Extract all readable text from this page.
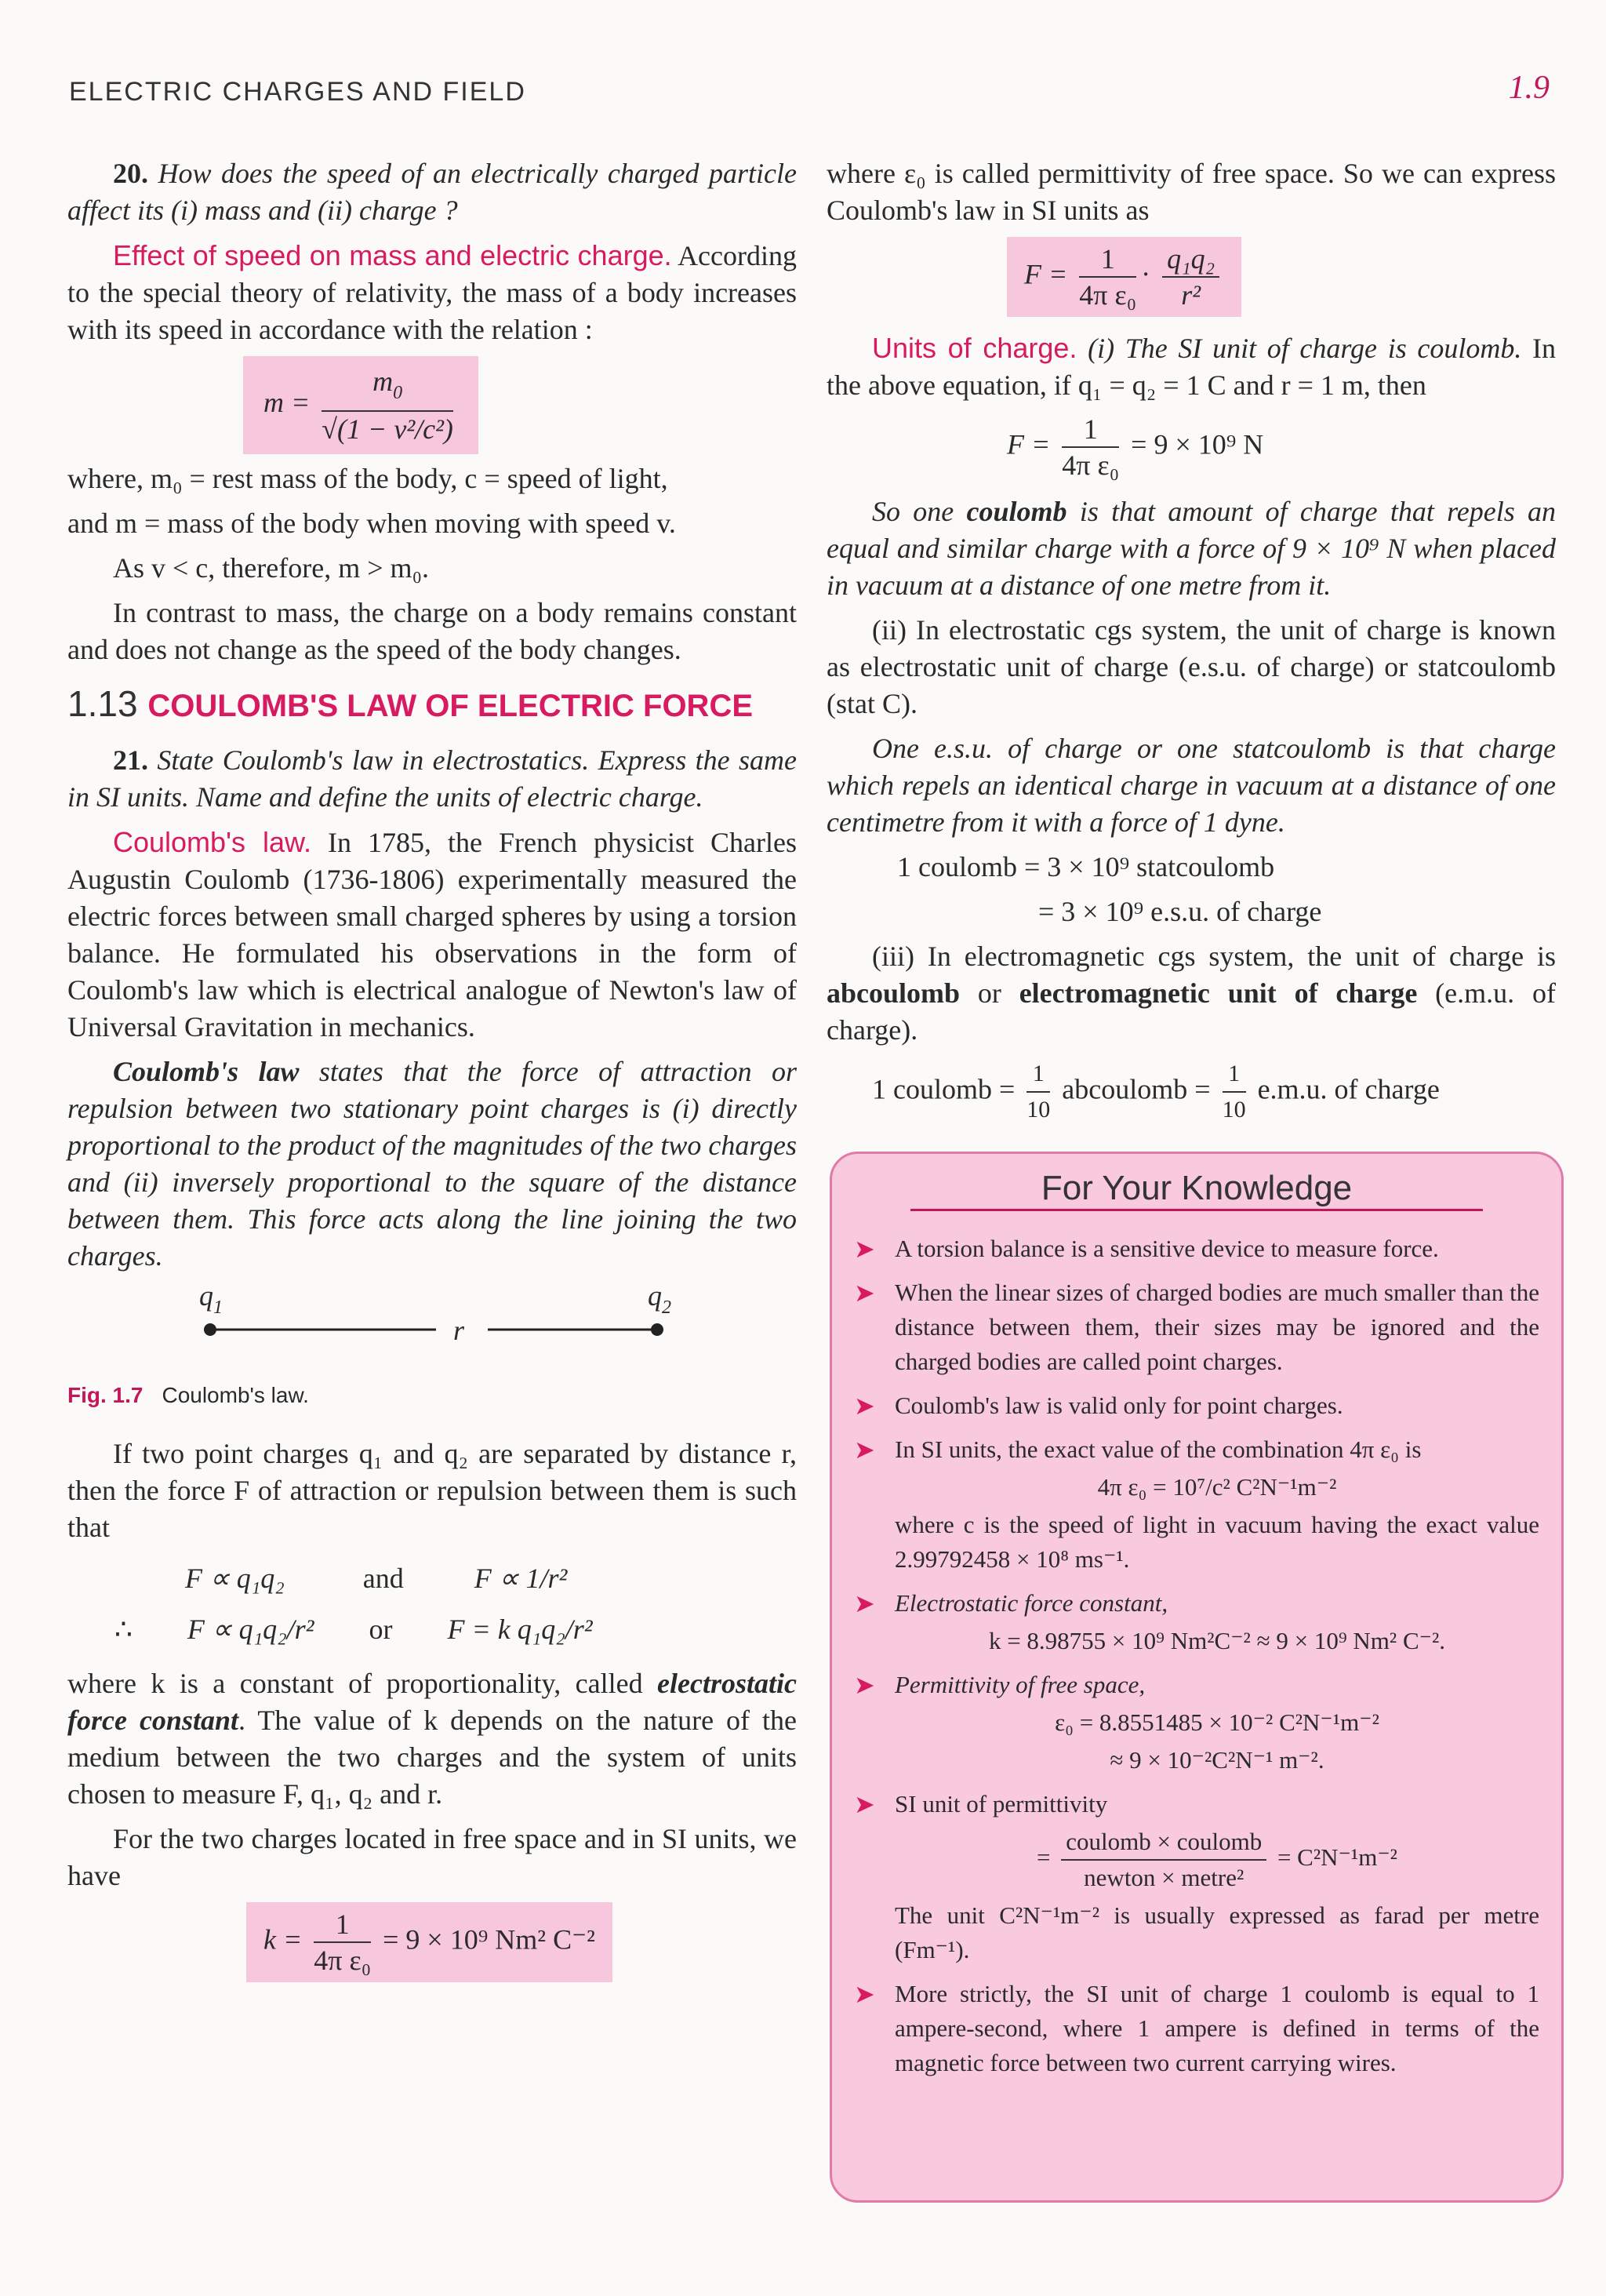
ELECTRIC CHARGES AND FIELD	1.9

20. How does the speed of an electrically charged particle affect its (i) mass and (ii) charge ?

Effect of speed on mass and electric charge. According to the special theory of relativity, the mass of a body increases with its speed in accordance with the relation :

$m = \frac{m_0}{\text{√(1 − v²/c²)}}$

where, m₀ = rest mass of the body, c = speed of light,

and m = mass of the body when moving with speed v.

As v < c, therefore, m > m₀.

In contrast to mass, the charge on a body remains constant and does not change as the speed of the body changes.

1.13 COULOMB'S LAW OF ELECTRIC FORCE

21. State Coulomb's law in electrostatics. Express the same in SI units. Name and define the units of electric charge.

Coulomb's law. In 1785, the French physicist Charles Augustin Coulomb (1736-1806) experimentally measured the electric forces between small charged spheres by using a torsion balance. He formulated his observations in the form of Coulomb's law which is electrical analogue of Newton's law of Universal Gravitation in mechanics.

Coulomb's law states that the force of attraction or repulsion between two stationary point charges is (i) directly proportional to the product of the magnitudes of the two charges and (ii) inversely proportional to the square of the distance between them. This force acts along the line joining the two charges.

$q_1$	$q_2$
r
Fig. 1.7 Coulomb's law.

If two point charges q₁ and q₂ are separated by distance r, then the force F of attraction or repulsion between them is such that

F ∝ q₁q₂	and	F ∝ 1/r²
∴ F ∝ q₁q₂/r² or F = k q₁q₂/r²

where k is a constant of proportionality, called electrostatic force constant. The value of k depends on the nature of the medium between the two charges and the system of units chosen to measure F, q₁, q₂ and r.

For the two charges located in free space and in SI units, we have

$k = \frac{1}{\text{4π ε₀}} = 9 \times 10^9$ Nm² C⁻²

where ε₀ is called permittivity of free space. So we can express Coulomb's law in SI units as

$F = \frac{1}{\text{4π ε₀}} \cdot \frac{\text{q₁q₂}}{\text{r²}}$

Units of charge. (i) The SI unit of charge is coulomb. In the above equation, if q₁ = q₂ = 1 C and r = 1 m, then

$F = \frac{1}{\text{4π ε₀}} = 9 \times 10^9$ N

So one coulomb is that amount of charge that repels an equal and similar charge with a force of 9 × 10⁹ N when placed in vacuum at a distance of one metre from it.

(ii) In electrostatic cgs system, the unit of charge is known as electrostatic unit of charge (e.s.u. of charge) or statcoulomb (stat C).

One e.s.u. of charge or one statcoulomb is that charge which repels an identical charge in vacuum at a distance of one centimetre from it with a force of 1 dyne.

1 coulomb = 3 × 10⁹ statcoulomb

= 3 × 10⁹ e.s.u. of charge

(iii) In electromagnetic cgs system, the unit of charge is abcoulomb or electromagnetic unit of charge (e.m.u. of charge).

1 coulomb = $\frac{1}{10}$ abcoulomb = $\frac{1}{10} e.m.u$. of charge
For Your Knowledge
➤ A torsion balance is a sensitive device to measure force.
➤ When the linear sizes of charged bodies are much smaller than the distance between them, their sizes may be ignored and the charged bodies are called point charges.
➤ Coulomb's law is valid only for point charges.
➤ In SI units, the exact value of the combination 4π ε₀ is
4π ε₀ = 10⁷/c² C²N⁻¹m⁻²
where c is the speed of light in vacuum having the exact value 2.99792458 × 10⁸ ms⁻¹.
➤ Electrostatic force constant,
k = 8.98755 × 10⁹ Nm²C⁻² ≈ 9 × 10⁹ Nm² C⁻².
➤ Permittivity of free space,
ε₀ = 8.8551485 × 10⁻² C²N⁻¹m⁻²
≈ 9 × 10⁻²C²N⁻¹ m⁻².
➤ SI unit of permittivity
= $\frac{\text{coulomb × coulomb}}{\text{newton × metre²}} = C^2N^{-1}m^{-2}$
The unit C²N⁻¹m⁻² is usually expressed as farad per metre (Fm⁻¹).
➤ More strictly, the SI unit of charge 1 coulomb is equal to 1 ampere-second, where 1 ampere is defined in terms of the magnetic force between two current carrying wires.
